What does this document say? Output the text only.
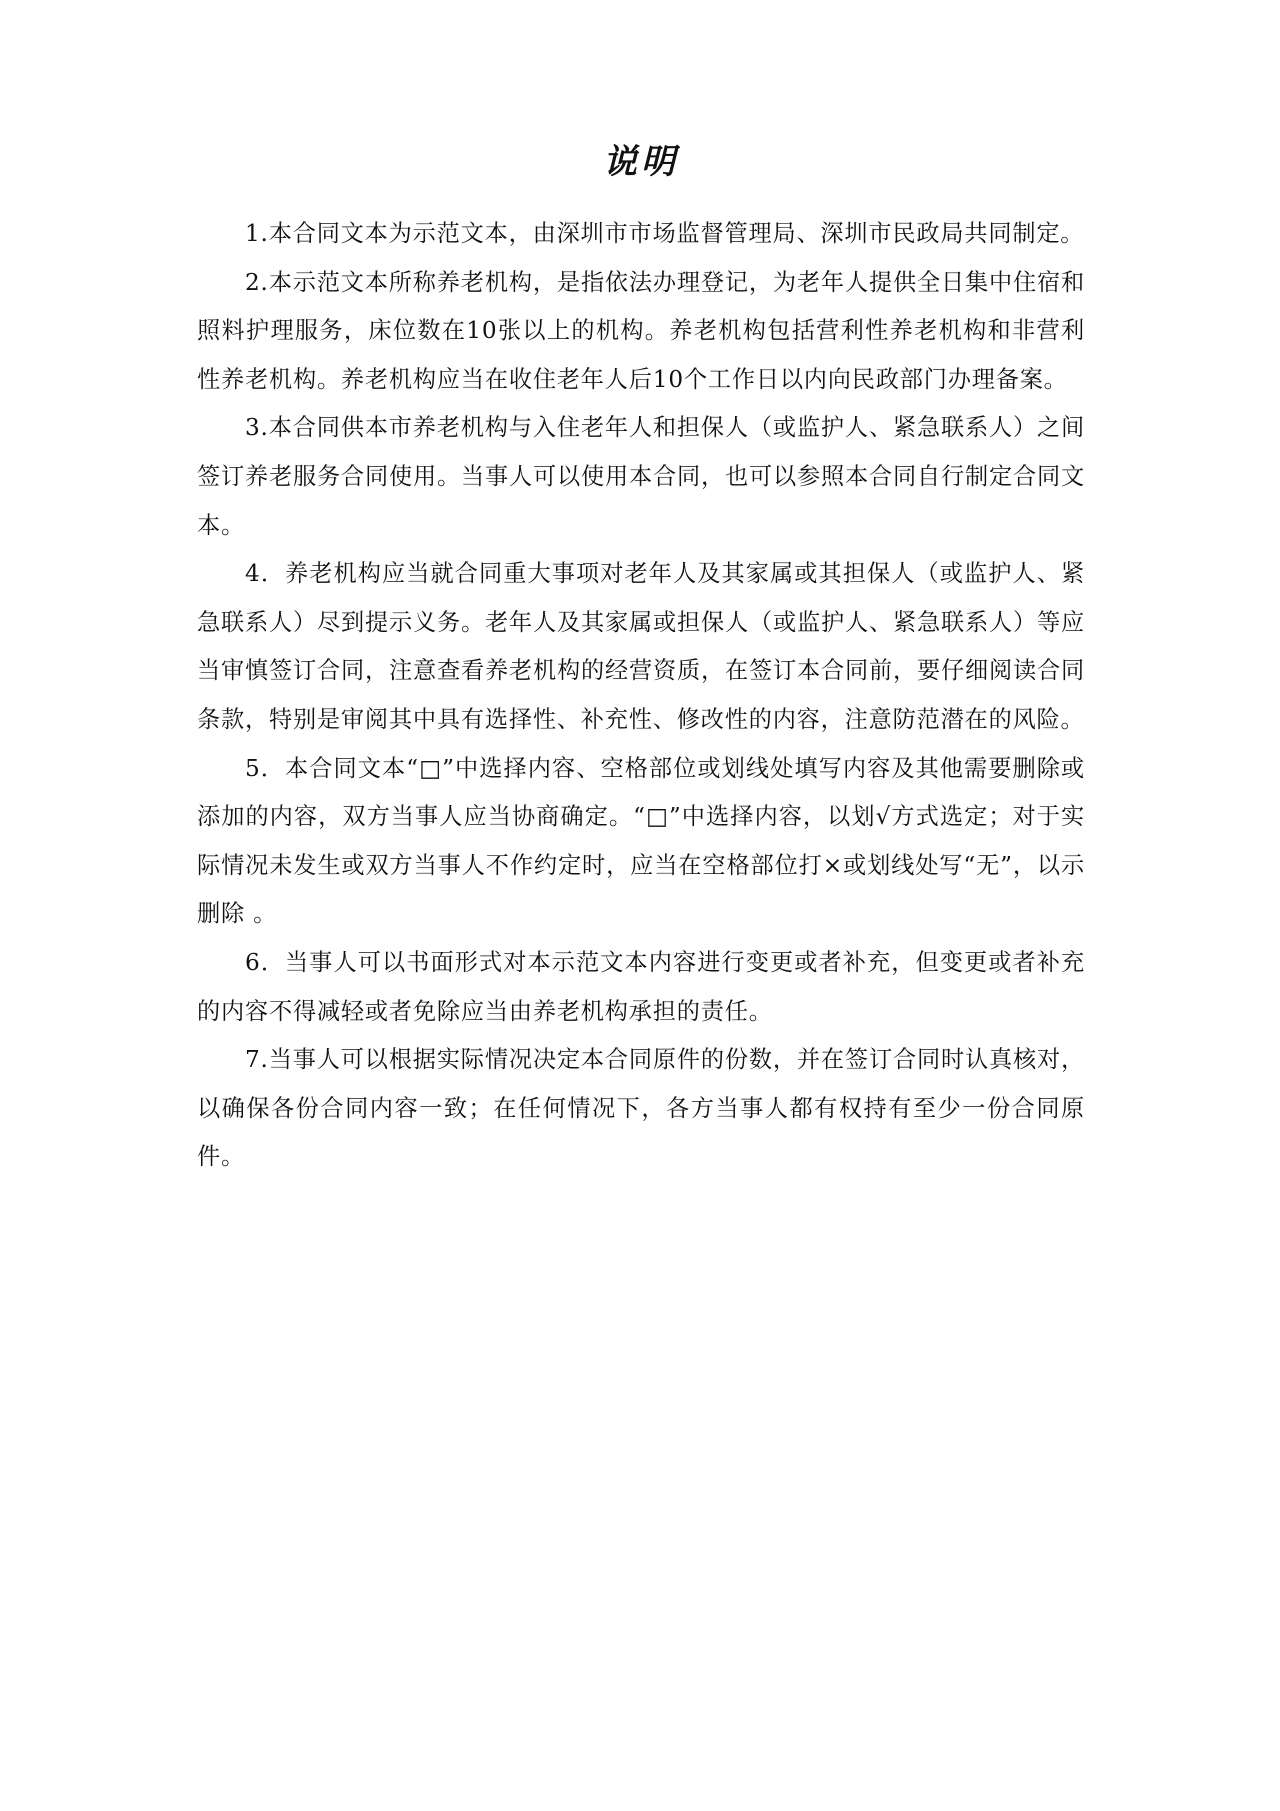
说明

1.本合同文本为示范文本，由深圳市市场监督管理局、深圳市民政局共同制定。

2.本示范文本所称养老机构，是指依法办理登记，为老年人提供全日集中住宿和照料护理服务，床位数在10张以上的机构。养老机构包括营利性养老机构和非营利性养老机构。养老机构应当在收住老年人后10个工作日以内向民政部门办理备案。

3.本合同供本市养老机构与入住老年人和担保人（或监护人、紧急联系人）之间签订养老服务合同使用。当事人可以使用本合同，也可以参照本合同自行制定合同文本。

4．养老机构应当就合同重大事项对老年人及其家属或其担保人（或监护人、紧急联系人）尽到提示义务。老年人及其家属或担保人（或监护人、紧急联系人）等应当审慎签订合同，注意查看养老机构的经营资质，在签订本合同前，要仔细阅读合同条款，特别是审阅其中具有选择性、补充性、修改性的内容，注意防范潜在的风险。

5．本合同文本“□”中选择内容、空格部位或划线处填写内容及其他需要删除或添加的内容，双方当事人应当协商确定。“□”中选择内容，以划√方式选定；对于实际情况未发生或双方当事人不作约定时，应当在空格部位打×或划线处写“无”，以示删除 。

6．当事人可以书面形式对本示范文本内容进行变更或者补充，但变更或者补充的内容不得减轻或者免除应当由养老机构承担的责任。

7.当事人可以根据实际情况决定本合同原件的份数，并在签订合同时认真核对，以确保各份合同内容一致；在任何情况下，各方当事人都有权持有至少一份合同原件。
